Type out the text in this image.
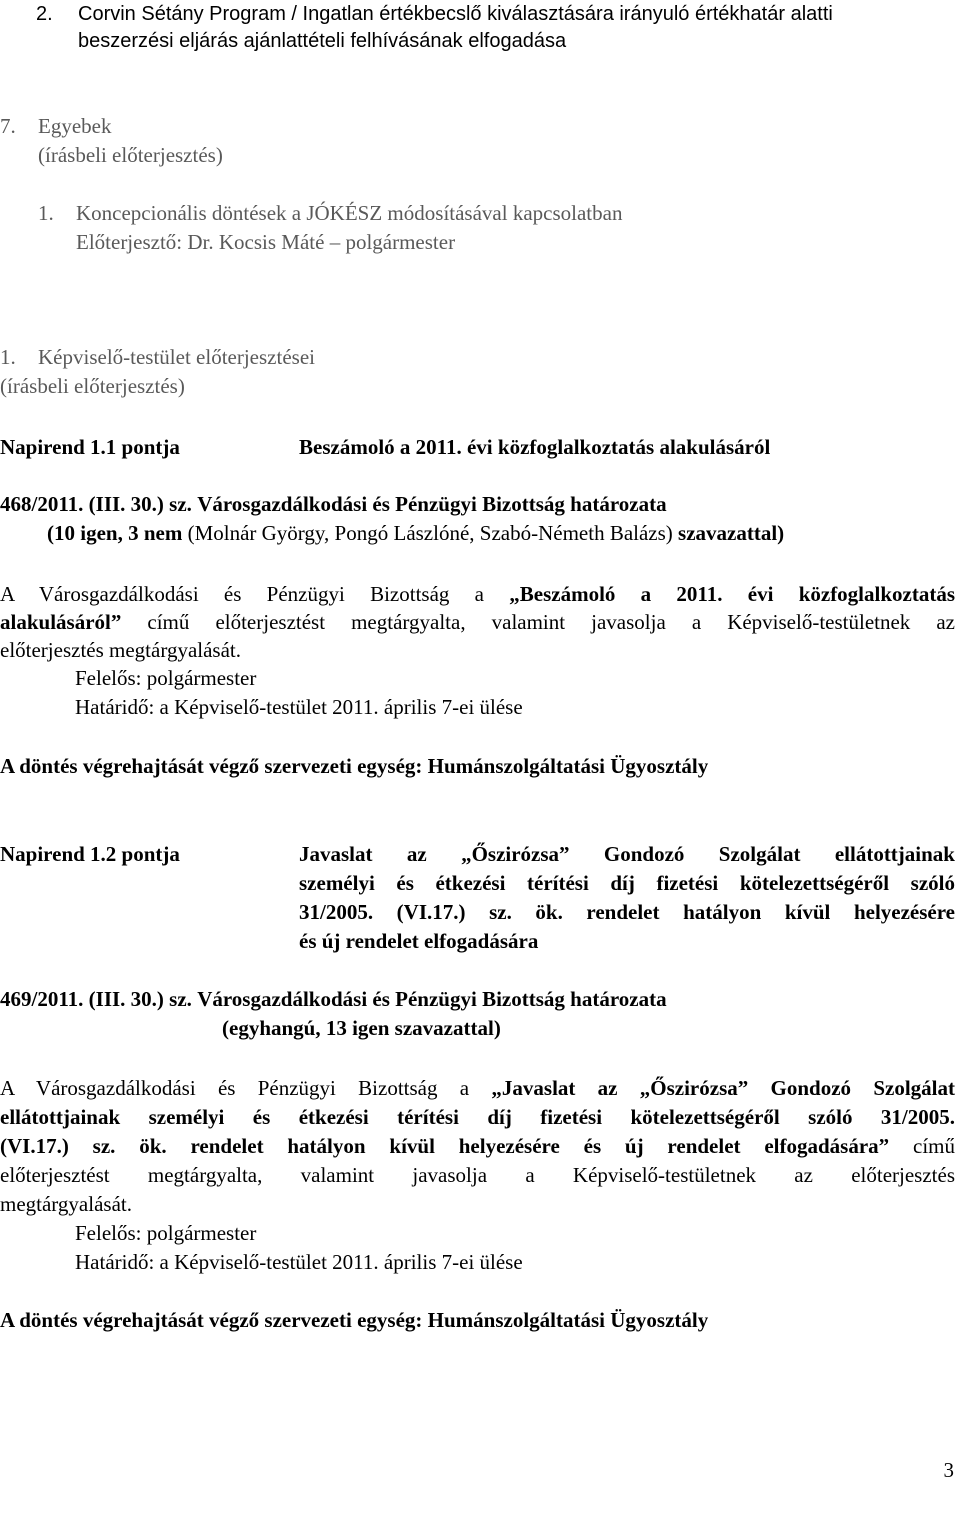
2. Corvin Sétány Program / Ingatlan értékbecslő kiválasztására irányuló értékhatár alatti
beszerzési eljárás ajánlattételi felhívásának elfogadása
7. Egyebek
(írásbeli előterjesztés)
1. Koncepcionális döntések a JÓKÉSZ módosításával kapcsolatban
Előterjesztő: Dr. Kocsis Máté – polgármester
1. Képviselő-testület előterjesztései
(írásbeli előterjesztés)
Napirend 1.1 pontja	Beszámoló a 2011. évi közfoglalkoztatás alakulásáról
468/2011. (III. 30.) sz. Városgazdálkodási és Pénzügyi Bizottság határozata
(10 igen, 3 nem (Molnár György, Pongó Lászlóné, Szabó-Németh Balázs) szavazattal)
A Városgazdálkodási és Pénzügyi Bizottság a „Beszámoló a 2011. évi közfoglalkoztatás
alakulásáról” című előterjesztést megtárgyalta, valamint javasolja a Képviselő-testületnek az
előterjesztés megtárgyalását.
Felelős: polgármester
Határidő: a Képviselő-testület 2011. április 7-ei ülése
A döntés végrehajtását végző szervezeti egység: Humánszolgáltatási Ügyosztály
Napirend 1.2 pontja	Javaslat az „Őszirózsa” Gondozó Szolgálat ellátottjainak
személyi és étkezési térítési díj fizetési kötelezettségéről szóló
31/2005. (VI.17.) sz. ök. rendelet hatályon kívül helyezésére
és új rendelet elfogadására
469/2011. (III. 30.) sz. Városgazdálkodási és Pénzügyi Bizottság határozata
(egyhangú, 13 igen szavazattal)
A Városgazdálkodási és Pénzügyi Bizottság a „Javaslat az „Őszirózsa” Gondozó Szolgálat
ellátottjainak személyi és étkezési térítési díj fizetési kötelezettségéről szóló 31/2005.
(VI.17.) sz. ök. rendelet hatályon kívül helyezésére és új rendelet elfogadására” című
előterjesztést megtárgyalta, valamint javasolja a Képviselő-testületnek az előterjesztés
megtárgyalását.
Felelős: polgármester
Határidő: a Képviselő-testület 2011. április 7-ei ülése
A döntés végrehajtását végző szervezeti egység: Humánszolgáltatási Ügyosztály
3
